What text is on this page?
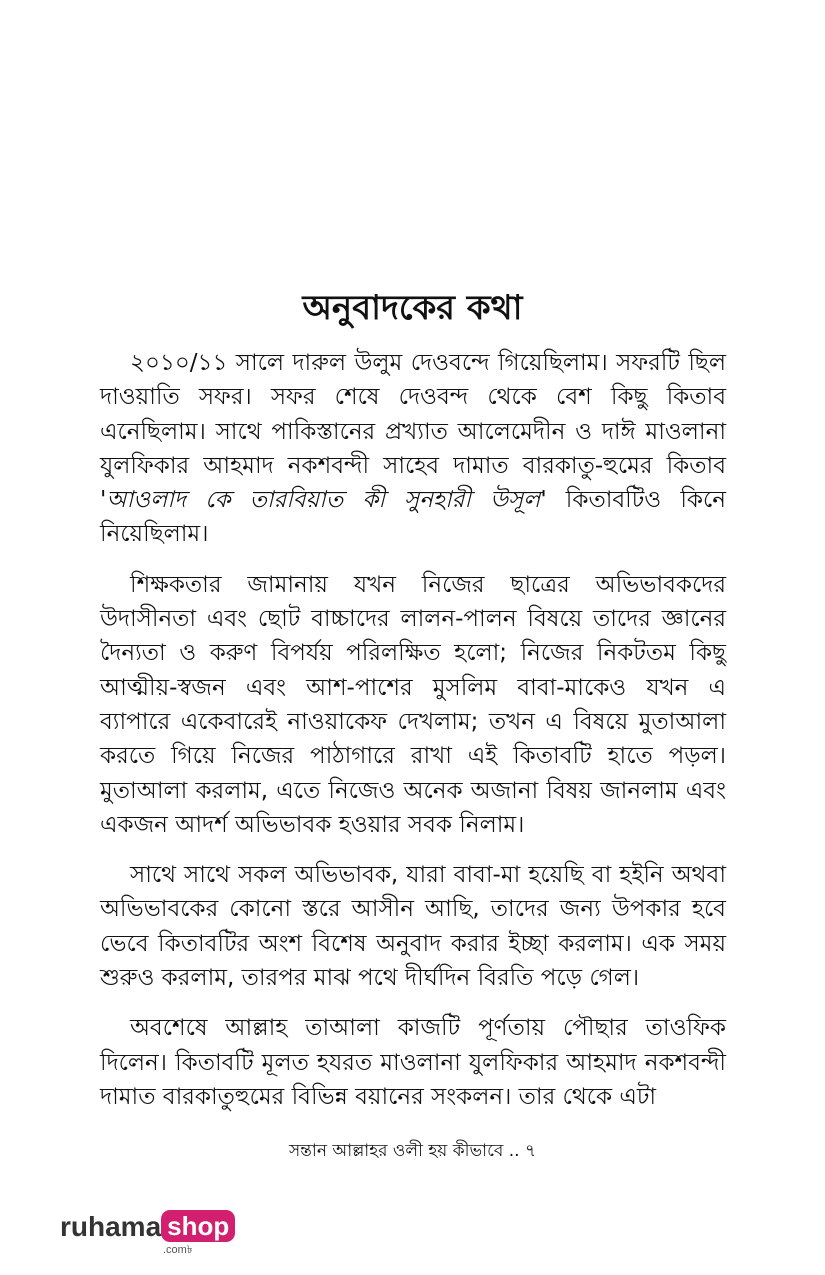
অনুবাদকের কথা

২০১০/১১ সালে দারুল উলুম দেওবন্দে গিয়েছিলাম। সফরটি ছিল দাওয়াতি সফর। সফর শেষে দেওবন্দ থেকে বেশ কিছু কিতাব এনেছিলাম। সাথে পাকিস্তানের প্রখ্যাত আলেমেদীন ও দাঈ মাওলানা যুলফিকার আহমাদ নকশবন্দী সাহেব দামাত বারকাতু-হুমের কিতাব 'আওলাদ কে তারবিয়াত কী সুনহারী উসূল' কিতাবটিও কিনে নিয়েছিলাম।

শিক্ষকতার জামানায় যখন নিজের ছাত্রের অভিভাবকদের উদাসীনতা এবং ছোট বাচ্চাদের লালন-পালন বিষয়ে তাদের জ্ঞানের দৈন্যতা ও করুণ বিপর্যয় পরিলক্ষিত হলো; নিজের নিকটতম কিছু আত্মীয়-স্বজন এবং আশ-পাশের মুসলিম বাবা-মাকেও যখন এ ব্যাপারে একেবারেই নাওয়াকেফ দেখলাম; তখন এ বিষয়ে মুতাআলা করতে গিয়ে নিজের পাঠাগারে রাখা এই কিতাবটি হাতে পড়ল। মুতাআলা করলাম, এতে নিজেও অনেক অজানা বিষয় জানলাম এবং একজন আদর্শ অভিভাবক হওয়ার সবক নিলাম।

সাথে সাথে সকল অভিভাবক, যারা বাবা-মা হয়েছি বা হইনি অথবা অভিভাবকের কোনো স্তরে আসীন আছি, তাদের জন্য উপকার হবে ভেবে কিতাবটির অংশ বিশেষ অনুবাদ করার ইচ্ছা করলাম। এক সময় শুরুও করলাম, তারপর মাঝ পথে দীর্ঘদিন বিরতি পড়ে গেল।

অবশেষে আল্লাহ তাআলা কাজটি পূর্ণতায় পৌছার তাওফিক দিলেন। কিতাবটি মূলত হযরত মাওলানা যুলফিকার আহমাদ নকশবন্দী দামাত বারকাতুহুমের বিভিন্ন বয়ানের সংকলন। তার থেকে এটা

সন্তান আল্লাহর ওলী হয় কীভাবে .. ৭
ruhama shop
.com৳
